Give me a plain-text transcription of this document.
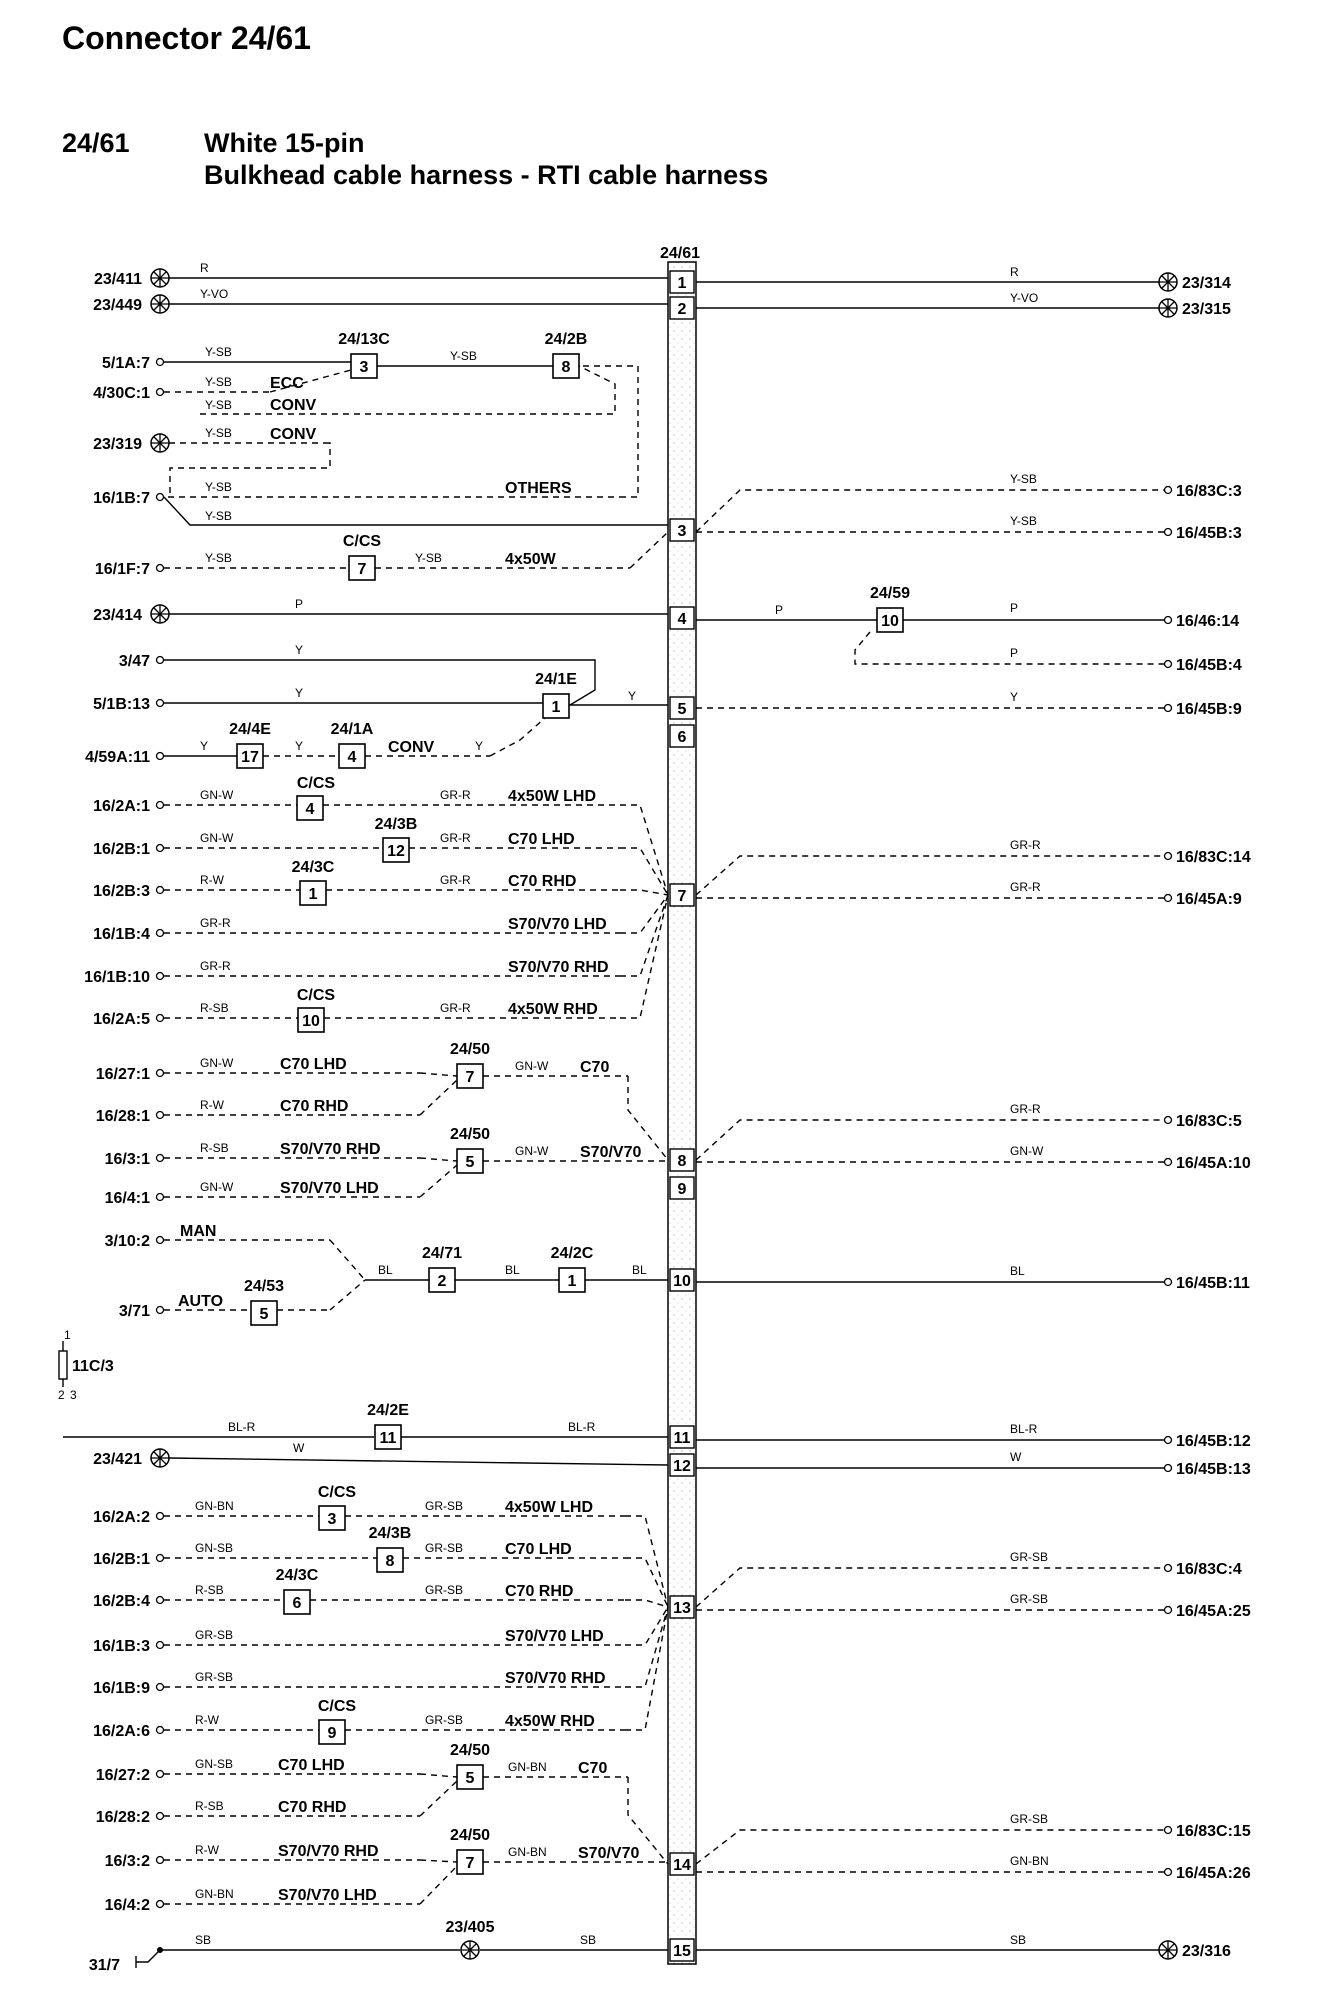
Connector 24/61
24/61	White 15-pin
Bulkhead cable harness - RTI cable harness
24/61
1
2
3
4
5
6
7
8
9
10
11
12
13
14
15
3	8
7
10
1
17	4
4
12
1
10
7
5
5
2	1
11
3
8
6
9
5
7
23/411
23/449
5/1A:7
4/30C:1
23/319
16/1B:7
16/1F:7
23/414
3/47
5/1B:13
4/59A:11
16/2A:1
16/2B:1
16/2B:3
16/1B:4
16/1B:10
16/2A:5
16/27:1
16/28:1
16/3:1
16/4:1
3/10:2
3/71
11C/3
1
2 3
23/421
16/2A:2
16/2B:1
16/2B:4
16/1B:3
16/1B:9
16/2A:6
16/27:2
16/28:2
16/3:2
16/4:2
31/7
23/314
23/315
16/83C:3
16/45B:3
16/46:14
16/45B:4
16/45B:9
16/83C:14
16/45A:9
16/83C:5
16/45A:10
16/45B:11
16/45B:12
16/45B:13
16/83C:4
16/45A:25
16/83C:15
16/45A:26
23/316
R	R
Y-VO	Y-VO
24/13C	24/2B
Y-SB	Y-SB
Y-SB ECC
Y-SB CONV
Y-SB CONV
Y-SB	OTHERS
Y-SB
C/CS
Y-SB	Y-SB	4x50W
Y-SB
Y-SB
P
24/59
P	P
P
Y
24/1E
Y	Y	Y
24/4E	24/1A
Y	Y	CONV	Y
C/CS
GN-W	GR-R 4x50W LHD
24/3B
GN-W	GR-R C70 LHD
24/3C
R-W	GR-R C70 RHD
GR-R	S70/V70 LHD
GR-R	S70/V70 RHD
C/CS
R-SB	GR-R 4x50W RHD
GR-R
GR-R
24/50
GN-W	C70 LHD
R-W	C70 RHD
GN-W C70
24/50
R-SB	S70/V70 RHD
GN-W	S70/V70 LHD
GN-W S70/V70
GR-R
GN-W
MAN
24/53
AUTO
24/71	24/2C
BL	BL	BL	BL
24/2E
BL-R	BL-R	BL-R
W
W
C/CS
GN-BN	GR-SB	4x50W LHD
24/3B
GN-SB	GR-SB	C70 LHD
24/3C
R-SB	GR-SB	C70 RHD
GR-SB	S70/V70 LHD
GR-SB	S70/V70 RHD
C/CS
R-W	GR-SB	4x50W RHD
GR-SB
GR-SB
24/50
GN-SB	C70 LHD
R-SB	C70 RHD
GN-BN C70
24/50
R-W	S70/V70 RHD
GN-BN	S70/V70 LHD
GN-BN S70/V70
GR-SB
GN-BN
23/405
SB	SB	SB
